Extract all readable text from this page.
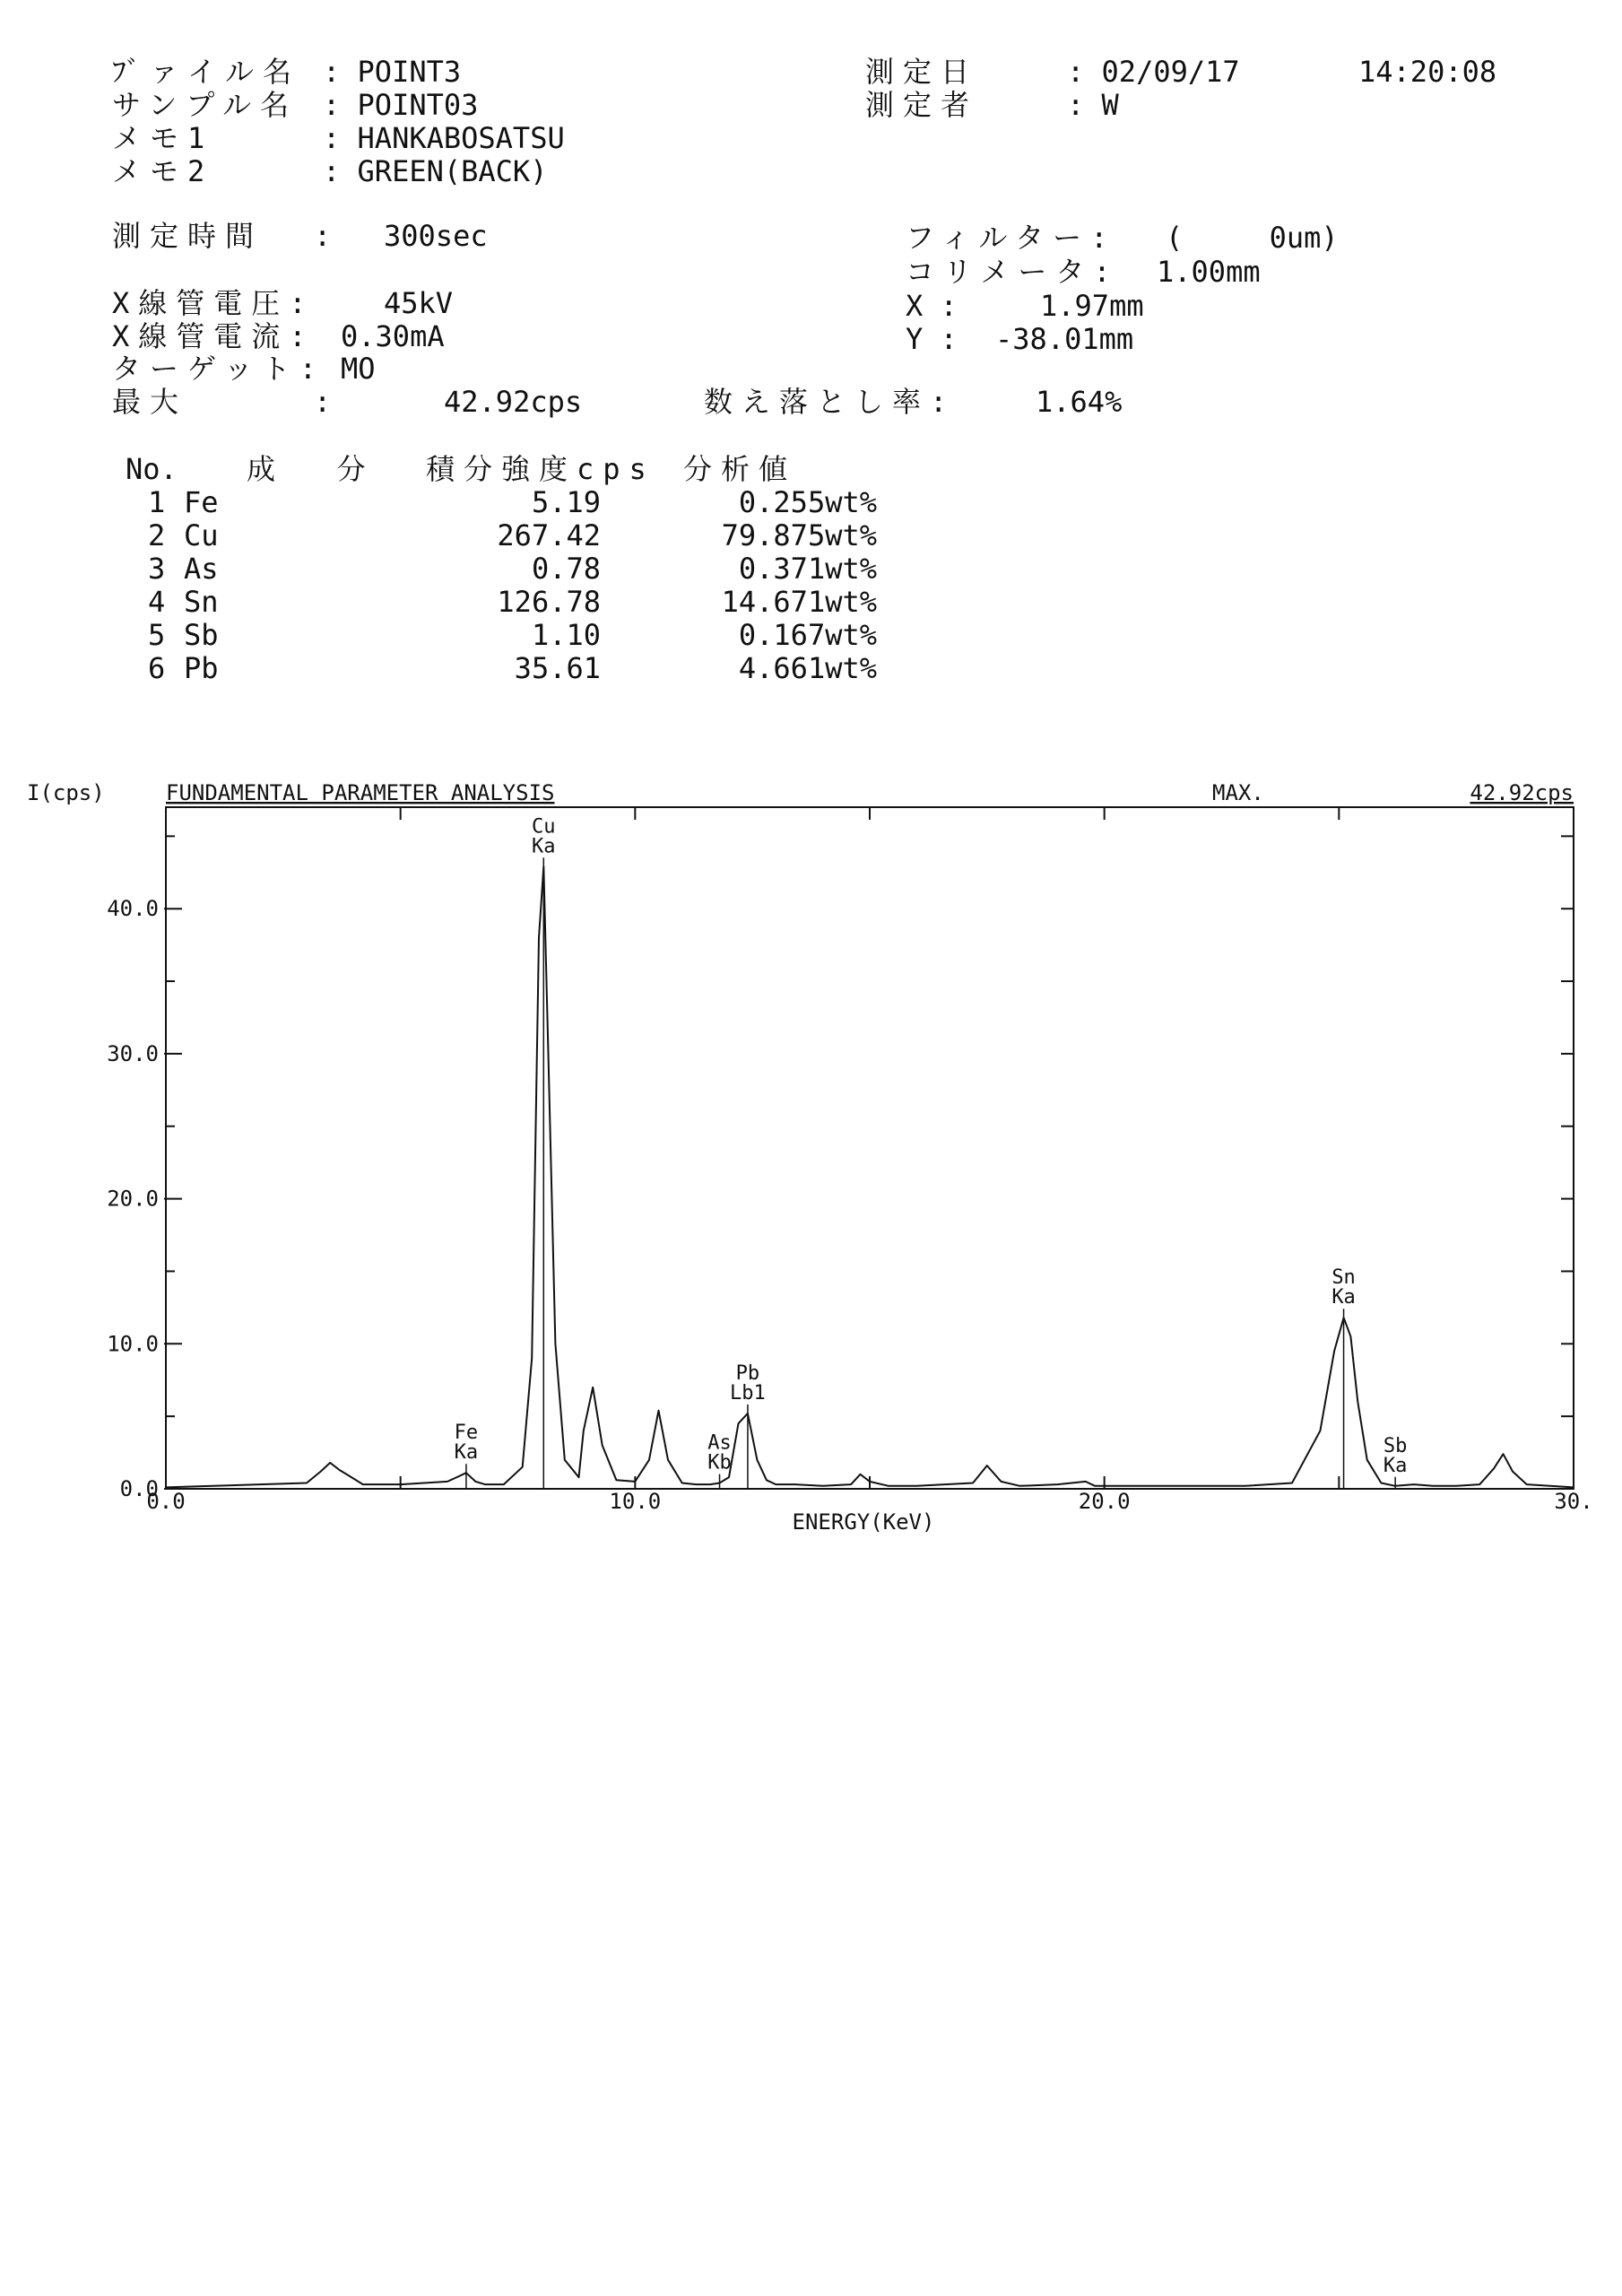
ﾌﾞァイル名 : POINT3
サンプル名 : POINT03
メモ1	: HANKABOSATSU
メモ2	: GREEN(BACK)
測定日	: 02/09/17	14:20:08
測定者	: W
測定時間 : 300sec	フィルター: (     0um)
コリメータ: 1.00mm
X線管電圧: 45kV	X :	1.97mm
X線管電流: 0.30mA	Y : -38.01mm
ターゲット: MO
最大	:	42.92cps	数え落とし率:	1.64%
No. 成  分 積分強度cps 分析値
1 Fe	5.19	0.255wt%
2 Cu	267.42	79.875wt%
3 As	0.78	0.371wt%
4 Sn	126.78	14.671wt%
5 Sb	1.10	0.167wt%
6 Pb	35.61	4.661wt%
I(cps)	FUNDAMENTAL PARAMETER ANALYSIS	MAX.	42.92cps
ENERGY(KeV)
0.0
10.0
20.0
30.0
40.0
0.0	10.0	20.0	30.
Cu
Ka
Fe
Ka	As
Kb
Pb
Lb1
Sn
Ka
Sb
Ka
